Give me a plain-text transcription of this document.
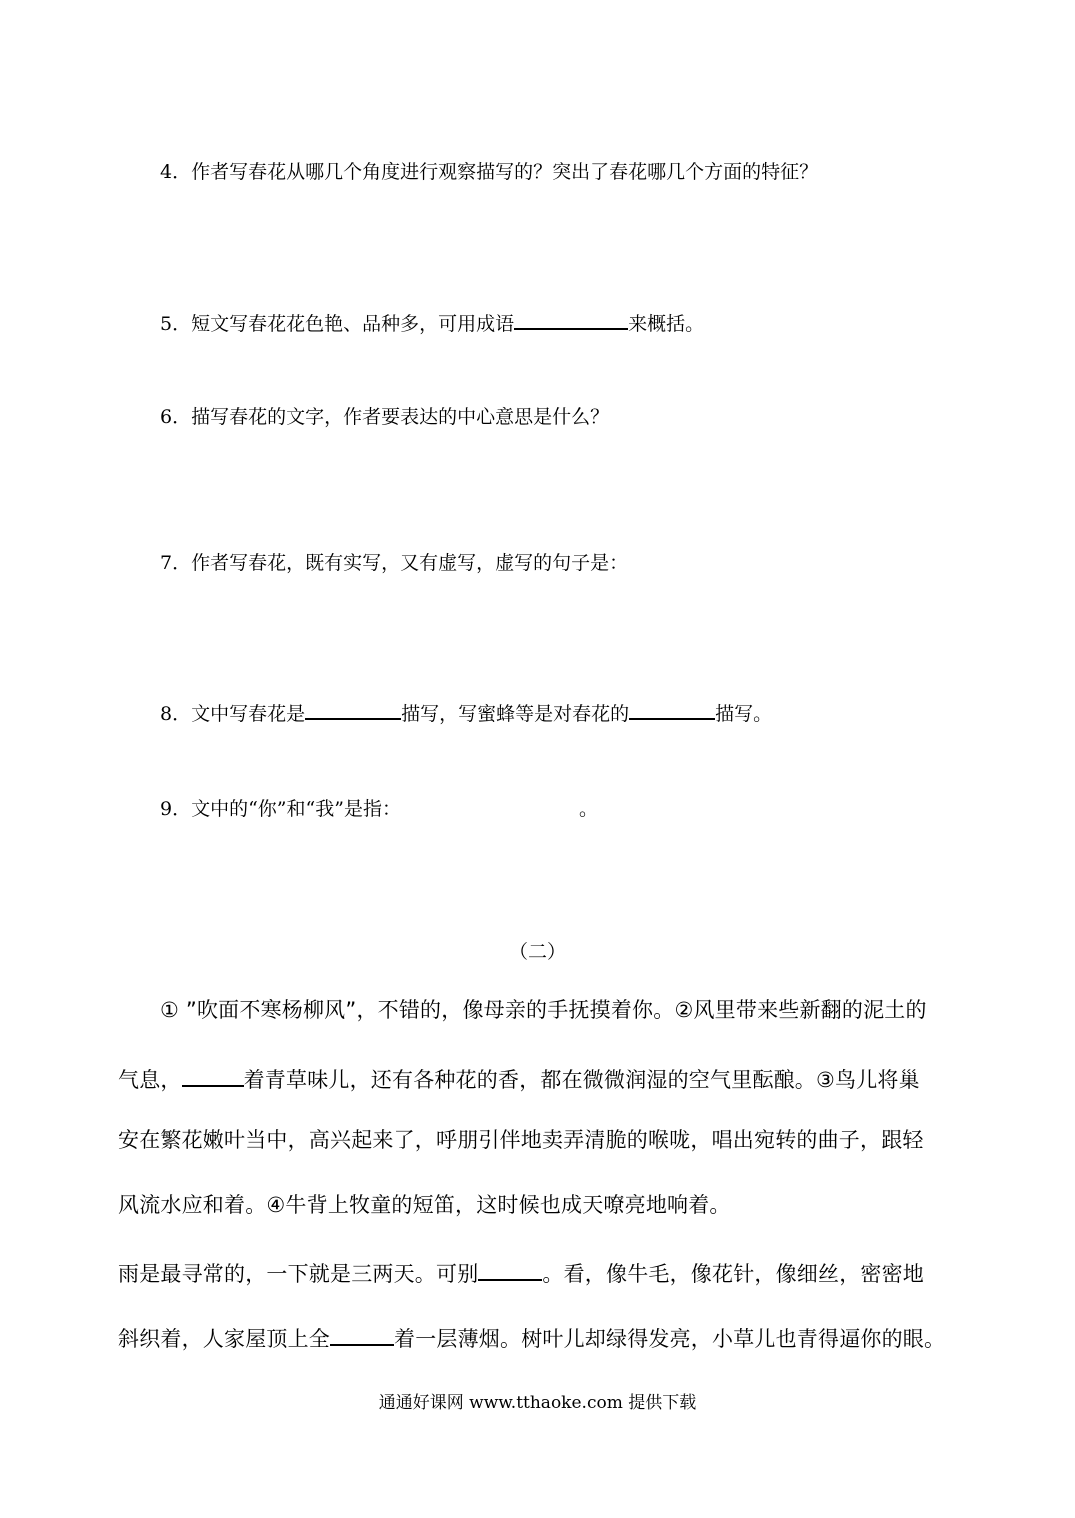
4．作者写春花从哪几个角度进行观察描写的？突出了春花哪几个方面的特征？
5．短文写春花花色艳、品种多，可用成语	来概括。
6．描写春花的文字，作者要表达的中心意思是什么？
7．作者写春花，既有实写，又有虚写，虚写的句子是：
8．文中写春花是	描写，写蜜蜂等是对春花的	描写。
9．文中的“你”和“我”是指：	。
（二）
① ”吹面不寒杨柳风”，不错的，像母亲的手抚摸着你。②风里带来些新翻的泥土的
气息，	着青草味儿，还有各种花的香，都在微微润湿的空气里酝酿。③鸟儿将巢
安在繁花嫩叶当中，高兴起来了，呼朋引伴地卖弄清脆的喉咙，唱出宛转的曲子，跟轻
风流水应和着。④牛背上牧童的短笛，这时候也成天嘹亮地响着。
雨是最寻常的，一下就是三两天。可别	。看，像牛毛，像花针，像细丝，密密地
斜织着，人家屋顶上全	着一层薄烟。树叶儿却绿得发亮，小草儿也青得逼你的眼。
通通好课网 www.tthaoke.com 提供下载
